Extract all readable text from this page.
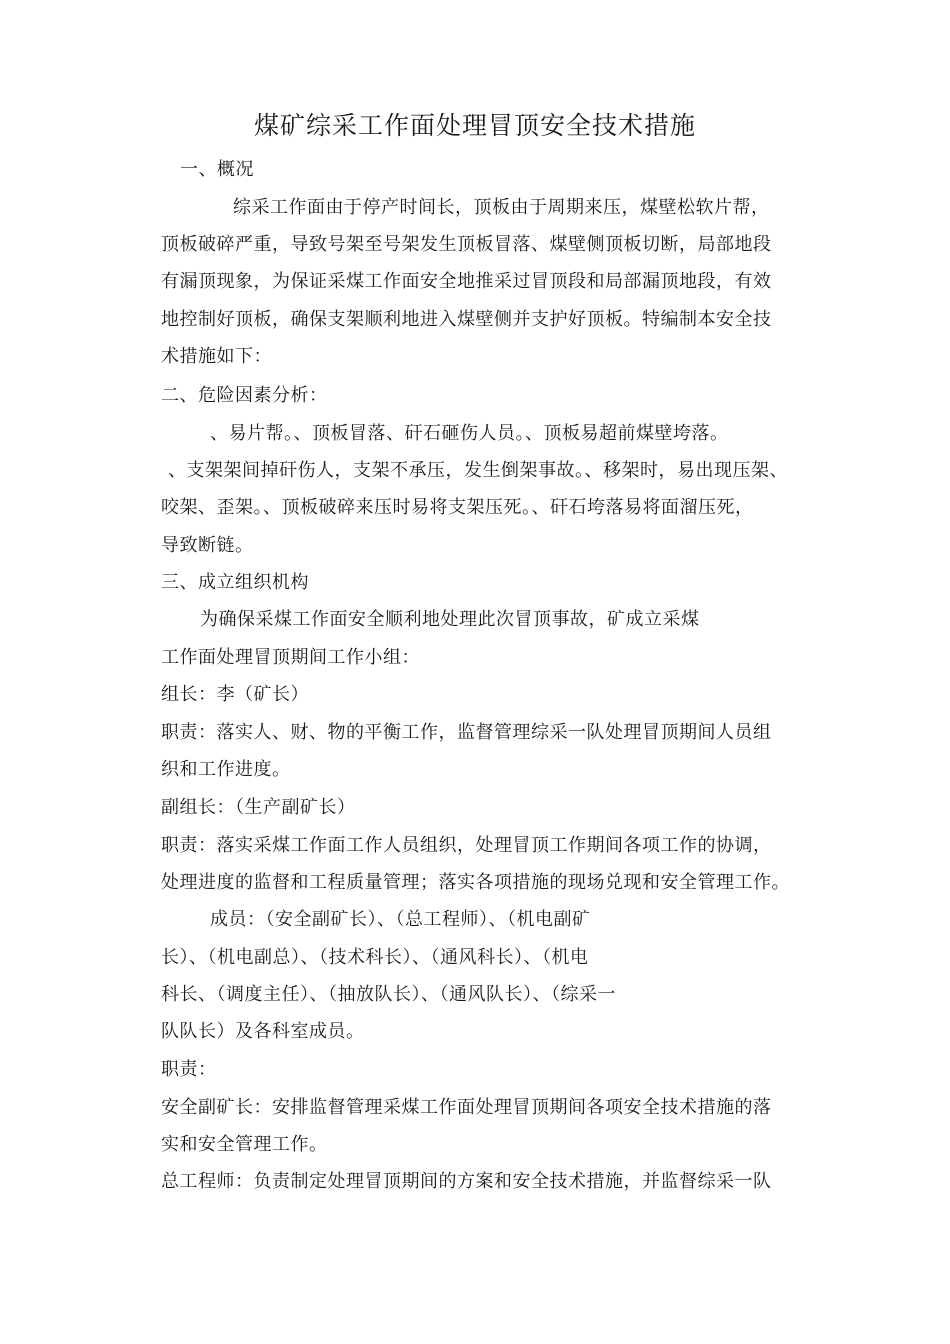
煤矿综采工作面处理冒顶安全技术措施
一、概况
综采工作面由于停产时间长，顶板由于周期来压，煤壁松软片帮，
顶板破碎严重，导致号架至号架发生顶板冒落、煤壁侧顶板切断，局部地段
有漏顶现象，为保证采煤工作面安全地推采过冒顶段和局部漏顶地段，有效
地控制好顶板，确保支架顺利地进入煤壁侧并支护好顶板。特编制本安全技
术措施如下：
二、危险因素分析：
、易片帮。、顶板冒落、矸石砸伤人员。、顶板易超前煤壁垮落。
、支架架间掉矸伤人，支架不承压，发生倒架事故。、移架时，易出现压架、
咬架、歪架。、顶板破碎来压时易将支架压死。、矸石垮落易将面溜压死，
导致断链。
三、成立组织机构
为确保采煤工作面安全顺利地处理此次冒顶事故，矿成立采煤
工作面处理冒顶期间工作小组：
组长：李（矿长）
职责：落实人、财、物的平衡工作，监督管理综采一队处理冒顶期间人员组
织和工作进度。
副组长：（生产副矿长）
职责：落实采煤工作面工作人员组织，处理冒顶工作期间各项工作的协调，
处理进度的监督和工程质量管理；落实各项措施的现场兑现和安全管理工作。
成员：（安全副矿长）、（总工程师）、（机电副矿
长）、（机电副总）、（技术科长）、（通风科长）、（机电
科长、（调度主任）、（抽放队长）、（通风队长）、（综采一
队队长）及各科室成员。
职责：
安全副矿长：安排监督管理采煤工作面处理冒顶期间各项安全技术措施的落
实和安全管理工作。
总工程师：负责制定处理冒顶期间的方案和安全技术措施，并监督综采一队
